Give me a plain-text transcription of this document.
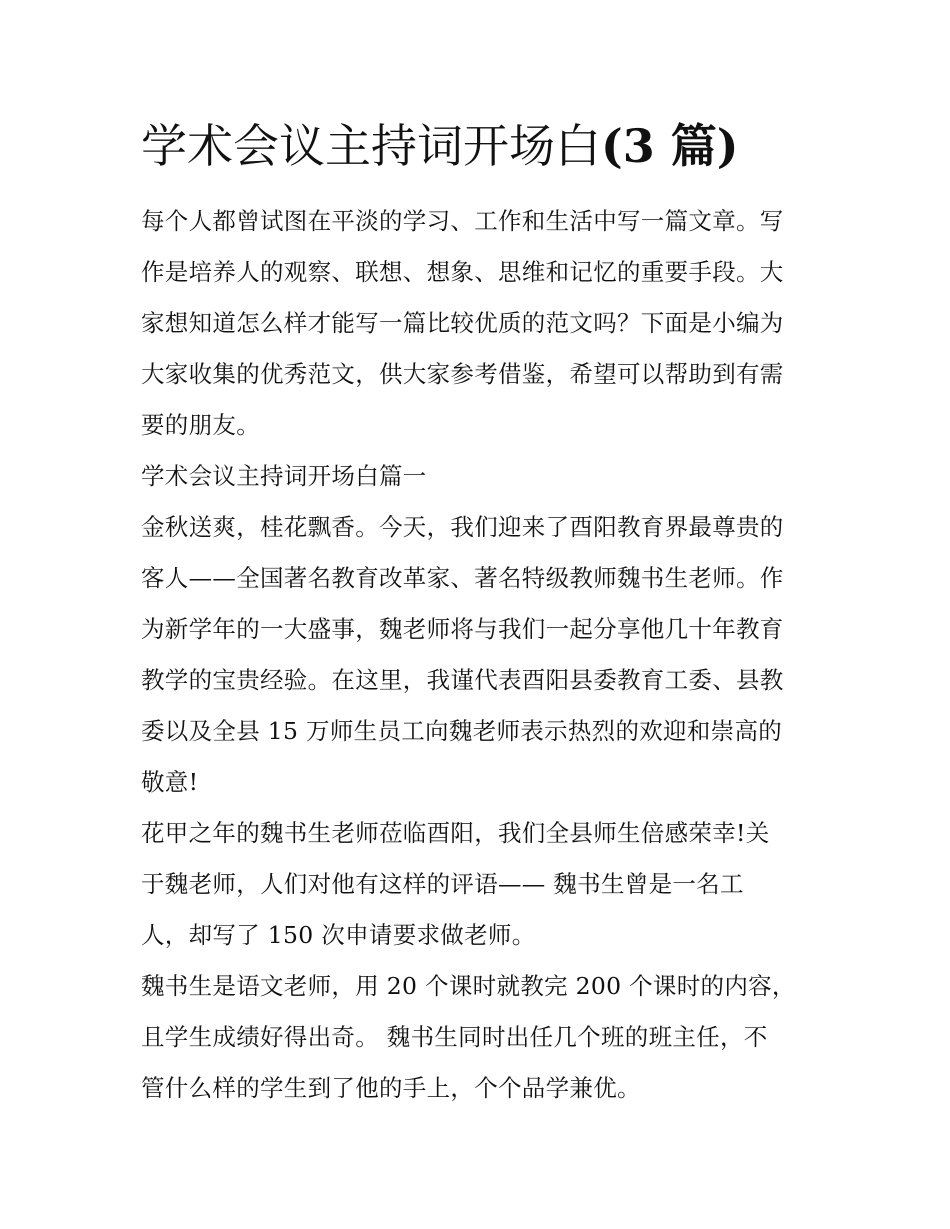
学术会议主持词开场白(3 篇)
每个人都曾试图在平淡的学习、工作和生活中写一篇文章。写
作是培养人的观察、联想、想象、思维和记忆的重要手段。大
家想知道怎么样才能写一篇比较优质的范文吗？下面是小编为
大家收集的优秀范文，供大家参考借鉴，希望可以帮助到有需
要的朋友。
学术会议主持词开场白篇一
金秋送爽，桂花飘香。今天，我们迎来了酉阳教育界最尊贵的
客人——全国著名教育改革家、著名特级教师魏书生老师。作
为新学年的一大盛事，魏老师将与我们一起分享他几十年教育
教学的宝贵经验。在这里，我谨代表酉阳县委教育工委、县教
委以及全县 15 万师生员工向魏老师表示热烈的欢迎和崇高的
敬意!
花甲之年的魏书生老师莅临酉阳，我们全县师生倍感荣幸!关
于魏老师，人们对他有这样的评语—— 魏书生曾是一名工
人，却写了 150 次申请要求做老师。
魏书生是语文老师，用 20 个课时就教完 200 个课时的内容，
且学生成绩好得出奇。 魏书生同时出任几个班的班主任，不
管什么样的学生到了他的手上，个个品学兼优。
